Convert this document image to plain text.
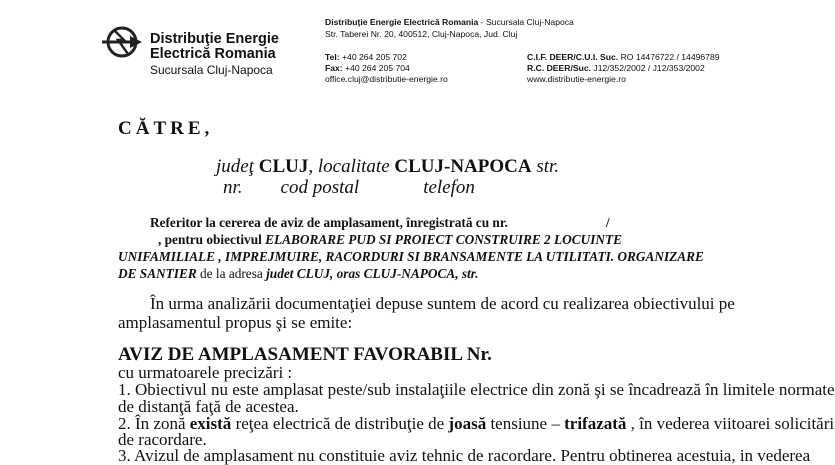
Distribuţie Energie
Electrică Romania
Sucursala Cluj-Napoca
Distribuţie Energie Electrică Romania - Sucursala Cluj-Napoca
Str. Taberei Nr. 20, 400512, Cluj-Napoca, Jud. Cluj
Tel: +40 264 205 702
Fax: +40 264 205 704
office.cluj@distributie-energie.ro
C.I.F. DEER/C.U.I. Suc. RO 14476722 / 14496789
R.C. DEER/Suc. J12/352/2002 / J12/353/2002
www.distributie-energie.ro
CĂTRE,
judeţ CLUJ, localitate CLUJ-NAPOCA str.
nr. cod postal	telefon
Referitor la cererea de aviz de amplasament, înregistrată cu nr.	/
, pentru obiectivul ELABORARE PUD SI PROIECT CONSTRUIRE 2 LOCUINTE
UNIFAMILIALE , IMPREJMUIRE, RACORDURI SI BRANSAMENTE LA UTILITATI. ORGANIZARE
DE SANTIER de la adresa judet CLUJ, oras CLUJ-NAPOCA, str.
În urma analizării documentaţiei depuse suntem de acord cu realizarea obiectivului pe
amplasamentul propus şi se emite:
AVIZ DE AMPLASAMENT FAVORABIL Nr.
cu urmatoarele precizări :
1. Obiectivul nu este amplasat peste/sub instalaţiile electrice din zonă şi se încadrează în limitele normate
de distanţă faţă de acestea.
2. În zonă există reţea electrică de distribuţie de joasă tensiune – trifazată , în vederea viitoarei solicitări
de racordare.
3. Avizul de amplasament nu constituie aviz tehnic de racordare. Pentru obtinerea acestuia, in vederea
